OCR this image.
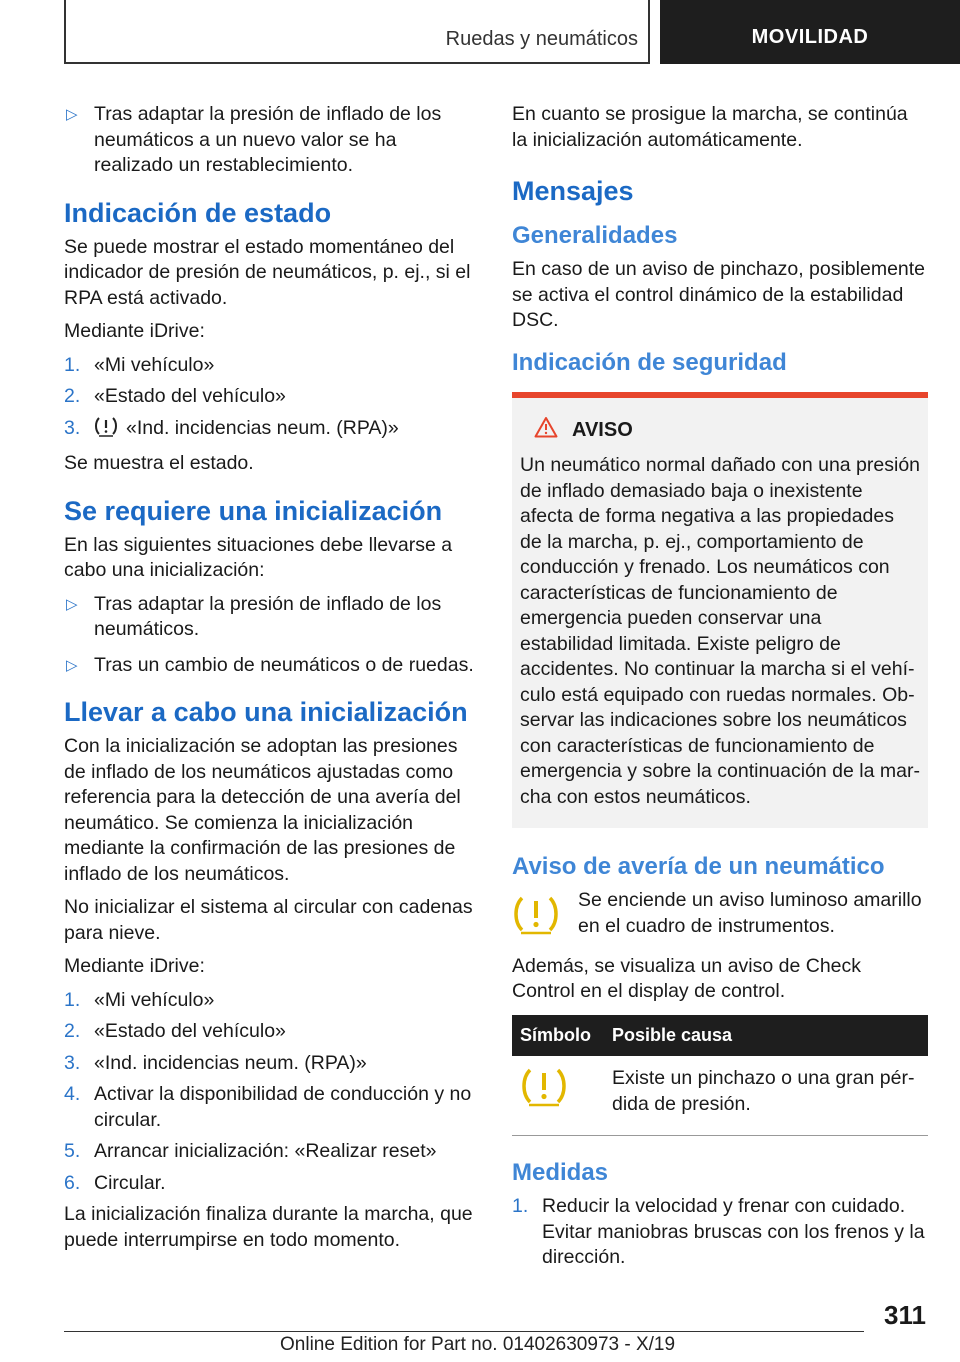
Ruedas y neumáticos	MOVILIDAD
▷ Tras adaptar la presión de inflado de los neumáticos a un nuevo valor se ha realizado un restablecimiento.
Indicación de estado

Se puede mostrar el estado momentáneo del indicador de presión de neumáticos, p. ej., si el RPA está activado.

Mediante iDrive:

1. «Mi vehículo»
2. «Estado del vehículo»
3. «Ind. incidencias neum. (RPA)»

Se muestra el estado.

Se requiere una inicialización

En las siguientes situaciones debe llevarse a cabo una inicialización:

▷ Tras adaptar la presión de inflado de los neumáticos.
▷ Tras un cambio de neumáticos o de ruedas.
Llevar a cabo una inicialización

Con la inicialización se adoptan las presiones de inflado de los neumáticos ajustadas como referencia para la detección de una avería del neumático. Se comienza la inicialización mediante la confirmación de las presiones de inflado de los neumáticos.

No inicializar el sistema al circular con cadenas para nieve.

Mediante iDrive:

1. «Mi vehículo»
2. «Estado del vehículo»
3. «Ind. incidencias neum. (RPA)»
4. Activar la disponibilidad de conducción y no circular.
5. Arrancar inicialización: «Realizar reset»
6. Circular.

La inicialización finaliza durante la marcha, que puede interrumpirse en todo momento.

En cuanto se prosigue la marcha, se continúa la inicialización automáticamente.

Mensajes
Generalidades

En caso de un aviso de pinchazo, posiblemente se activa el control dinámico de la estabilidad DSC.

Indicación de seguridad
AVISO
Un neumático normal dañado con una presión de inflado demasiado baja o inexistente afecta de forma negativa a las propiedades de la marcha, p. ej., comportamiento de conducción y frenado. Los neumáticos con características de funcionamiento de emergencia pueden conservar una estabilidad limitada. Existe peligro de accidentes. No continuar la marcha si el vehículo está equipado con ruedas normales. Observar las indicaciones sobre los neumáticos con características de funcionamiento de emergencia y sobre la continuación de la marcha con estos neumáticos.
Aviso de avería de un neumático
Se enciende un aviso luminoso amarillo en el cuadro de instrumentos.

Además, se visualiza un aviso de Check Control en el display de control.

Símbolo	Posible causa
	Existe un pinchazo o una gran pérdida de presión.
Medidas
1. Reducir la velocidad y frenar con cuidado. Evitar maniobras bruscas con los frenos y la dirección.
311
Online Edition for Part no. 01402630973 - X/19
